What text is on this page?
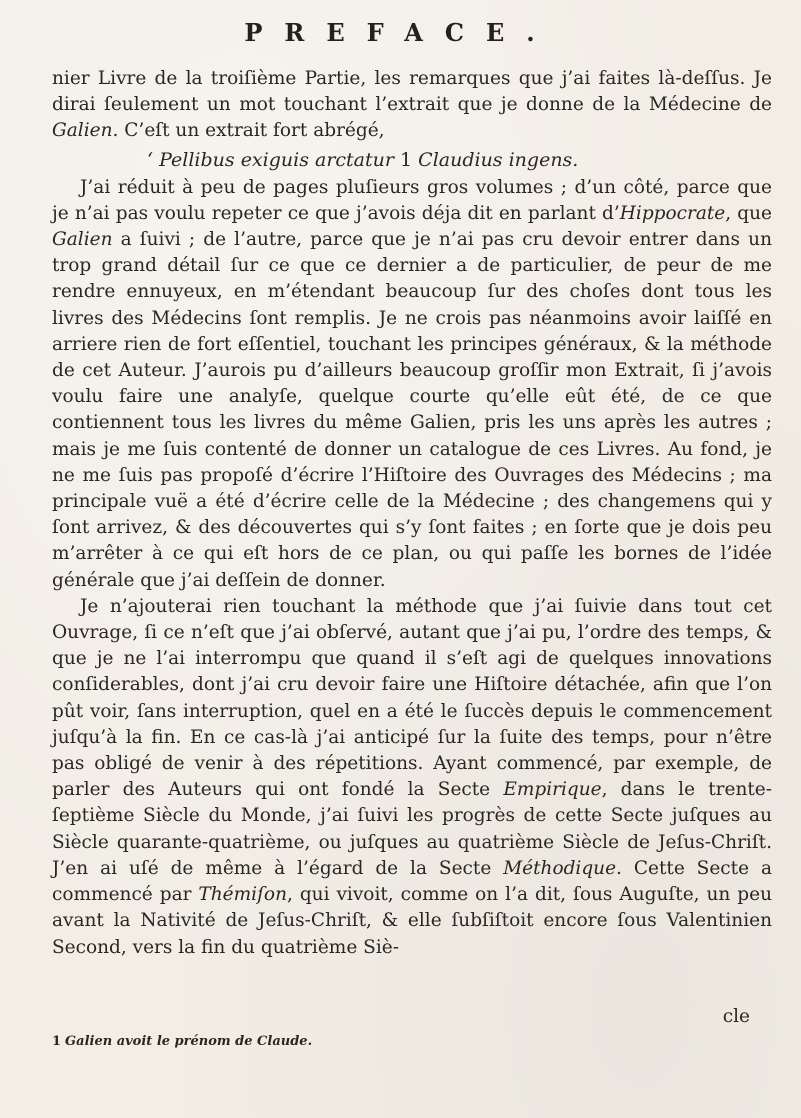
PREFACE.

nier Livre de la troiſième Partie, les remarques que j’ai faites là-deſſus. Je dirai ſeulement un mot touchant l’extrait que je donne de la Médecine de Galien. C’eſt un extrait fort abrégé,

‘ Pellibus exiguis arctatur 1 Claudius ingens.

J’ai réduit à peu de pages pluſieurs gros volumes ; d’un côté, parce que je n’ai pas voulu repeter ce que j’avois déja dit en parlant d’Hippocrate, que Galien a ſuivi ; de l’autre, parce que je n’ai pas cru devoir entrer dans un trop grand détail ſur ce que ce dernier a de particulier, de peur de me rendre ennuyeux, en m’étendant beaucoup ſur des choſes dont tous les livres des Médecins ſont remplis. Je ne crois pas néanmoins avoir laiſſé en arriere rien de fort eſſentiel, touchant les principes généraux, & la méthode de cet Auteur. J’aurois pu d’ailleurs beaucoup groſſir mon Extrait, ſi j’avois voulu faire une analyſe, quelque courte qu’elle eût été, de ce que contiennent tous les livres du même Galien, pris les uns après les autres ; mais je me ſuis contenté de donner un catalogue de ces Livres. Au fond, je ne me ſuis pas propoſé d’écrire l’Hiſtoire des Ouvrages des Médecins ; ma principale vuë a été d’écrire celle de la Médecine ; des changemens qui y ſont arrivez, & des découvertes qui s’y ſont faites ; en ſorte que je dois peu m’arrêter à ce qui eſt hors de ce plan, ou qui paſſe les bornes de l’idée générale que j’ai deſſein de donner.

Je n’ajouterai rien touchant la méthode que j’ai ſuivie dans tout cet Ouvrage, ſi ce n’eſt que j’ai obſervé, autant que j’ai pu, l’ordre des temps, & que je ne l’ai interrompu que quand il s’eſt agi de quelques innovations conſiderables, dont j’ai cru devoir faire une Hiſtoire détachée, afin que l’on pût voir, ſans interruption, quel en a été le ſuccès depuis le commencement juſqu’à la fin. En ce cas-là j’ai anticipé ſur la ſuite des temps, pour n’être pas obligé de venir à des répetitions. Ayant commencé, par exemple, de parler des Auteurs qui ont fondé la Secte Empirique, dans le trente-ſeptième Siècle du Monde, j’ai ſuivi les progrès de cette Secte juſques au Siècle quarante-quatrième, ou juſques au quatrième Siècle de Jeſus-Chriſt. J’en ai uſé de même à l’égard de la Secte Méthodique. Cette Secte a commencé par Thémiſon, qui vivoit, comme on l’a dit, ſous Auguſte, un peu avant la Nativité de Jeſus-Chriſt, & elle ſubſiſtoit encore ſous Valentinien Second, vers la fin du quatrième Siè-

cle
1 Galien avoit le prénom de Claude.
